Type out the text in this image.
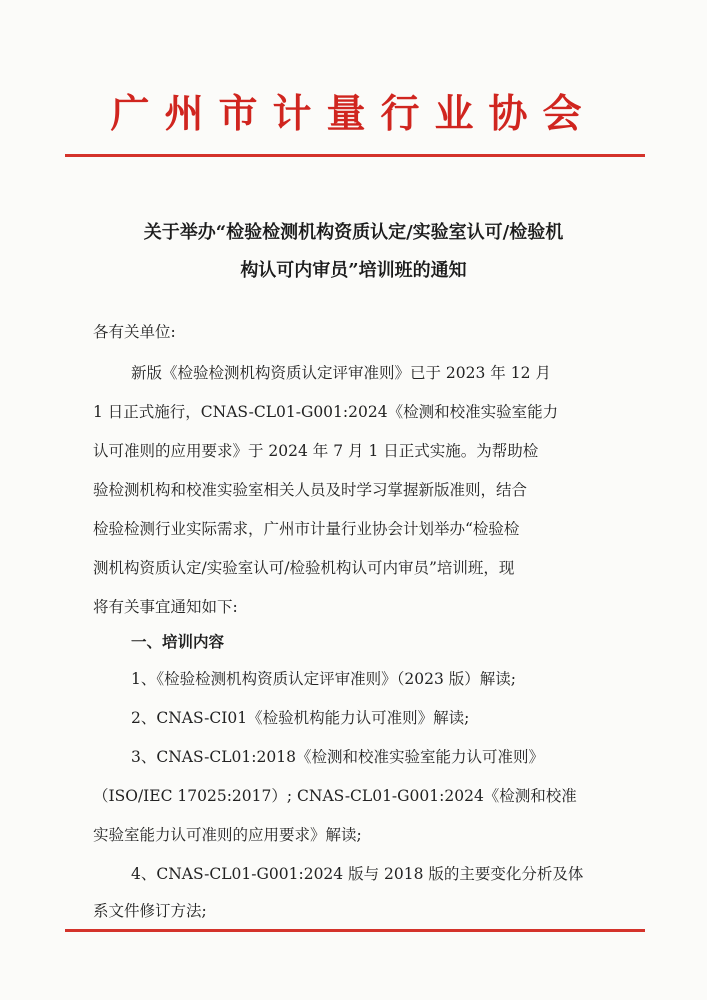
广州市计量行业协会
关于举办“检验检测机构资质认定/实验室认可/检验机
构认可内审员”培训班的通知
各有关单位:
新版《检验检测机构资质认定评审准则》已于 2023 年 12 月
1 日正式施行，CNAS-CL01-G001:2024《检测和校准实验室能力
认可准则的应用要求》于 2024 年 7 月 1 日正式实施。为帮助检
验检测机构和校准实验室相关人员及时学习掌握新版准则，结合
检验检测行业实际需求，广州市计量行业协会计划举办“检验检
测机构资质认定/实验室认可/检验机构认可内审员”培训班，现
将有关事宜通知如下:
一、培训内容
1、《检验检测机构资质认定评审准则》（2023 版）解读;
2、CNAS-CI01《检验机构能力认可准则》解读;
3、CNAS-CL01:2018《检测和校准实验室能力认可准则》
（ISO/IEC 17025:2017）; CNAS-CL01-G001:2024《检测和校准
实验室能力认可准则的应用要求》解读;
4、CNAS-CL01-G001:2024 版与 2018 版的主要变化分析及体
系文件修订方法;
